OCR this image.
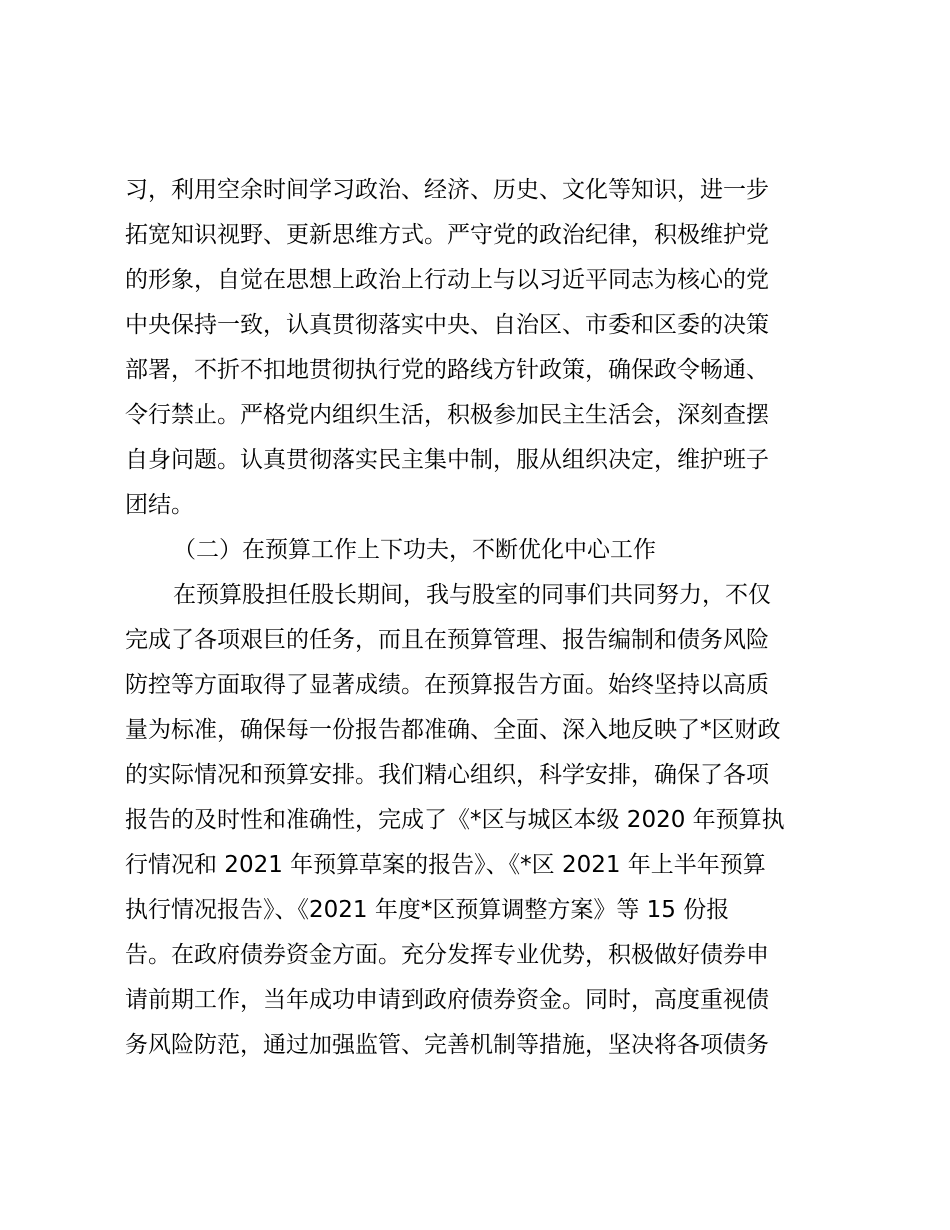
习，利用空余时间学习政治、经济、历史、文化等知识，进一步
拓宽知识视野、更新思维方式。严守党的政治纪律，积极维护党
的形象，自觉在思想上政治上行动上与以习近平同志为核心的党
中央保持一致，认真贯彻落实中央、自治区、市委和区委的决策
部署，不折不扣地贯彻执行党的路线方针政策，确保政令畅通、
令行禁止。严格党内组织生活，积极参加民主生活会，深刻查摆
自身问题。认真贯彻落实民主集中制，服从组织决定，维护班子
团结。
（二）在预算工作上下功夫，不断优化中心工作
在预算股担任股长期间，我与股室的同事们共同努力，不仅
完成了各项艰巨的任务，而且在预算管理、报告编制和债务风险
防控等方面取得了显著成绩。在预算报告方面。始终坚持以高质
量为标准，确保每一份报告都准确、全面、深入地反映了*区财政
的实际情况和预算安排。我们精心组织，科学安排，确保了各项
报告的及时性和准确性，完成了《*区与城区本级 2020 年预算执
行情况和 2021 年预算草案的报告》、《*区 2021 年上半年预算
执行情况报告》、《2021 年度*区预算调整方案》等 15 份报
告。在政府债券资金方面。充分发挥专业优势，积极做好债券申
请前期工作，当年成功申请到政府债券资金。同时，高度重视债
务风险防范，通过加强监管、完善机制等措施，坚决将各项债务
